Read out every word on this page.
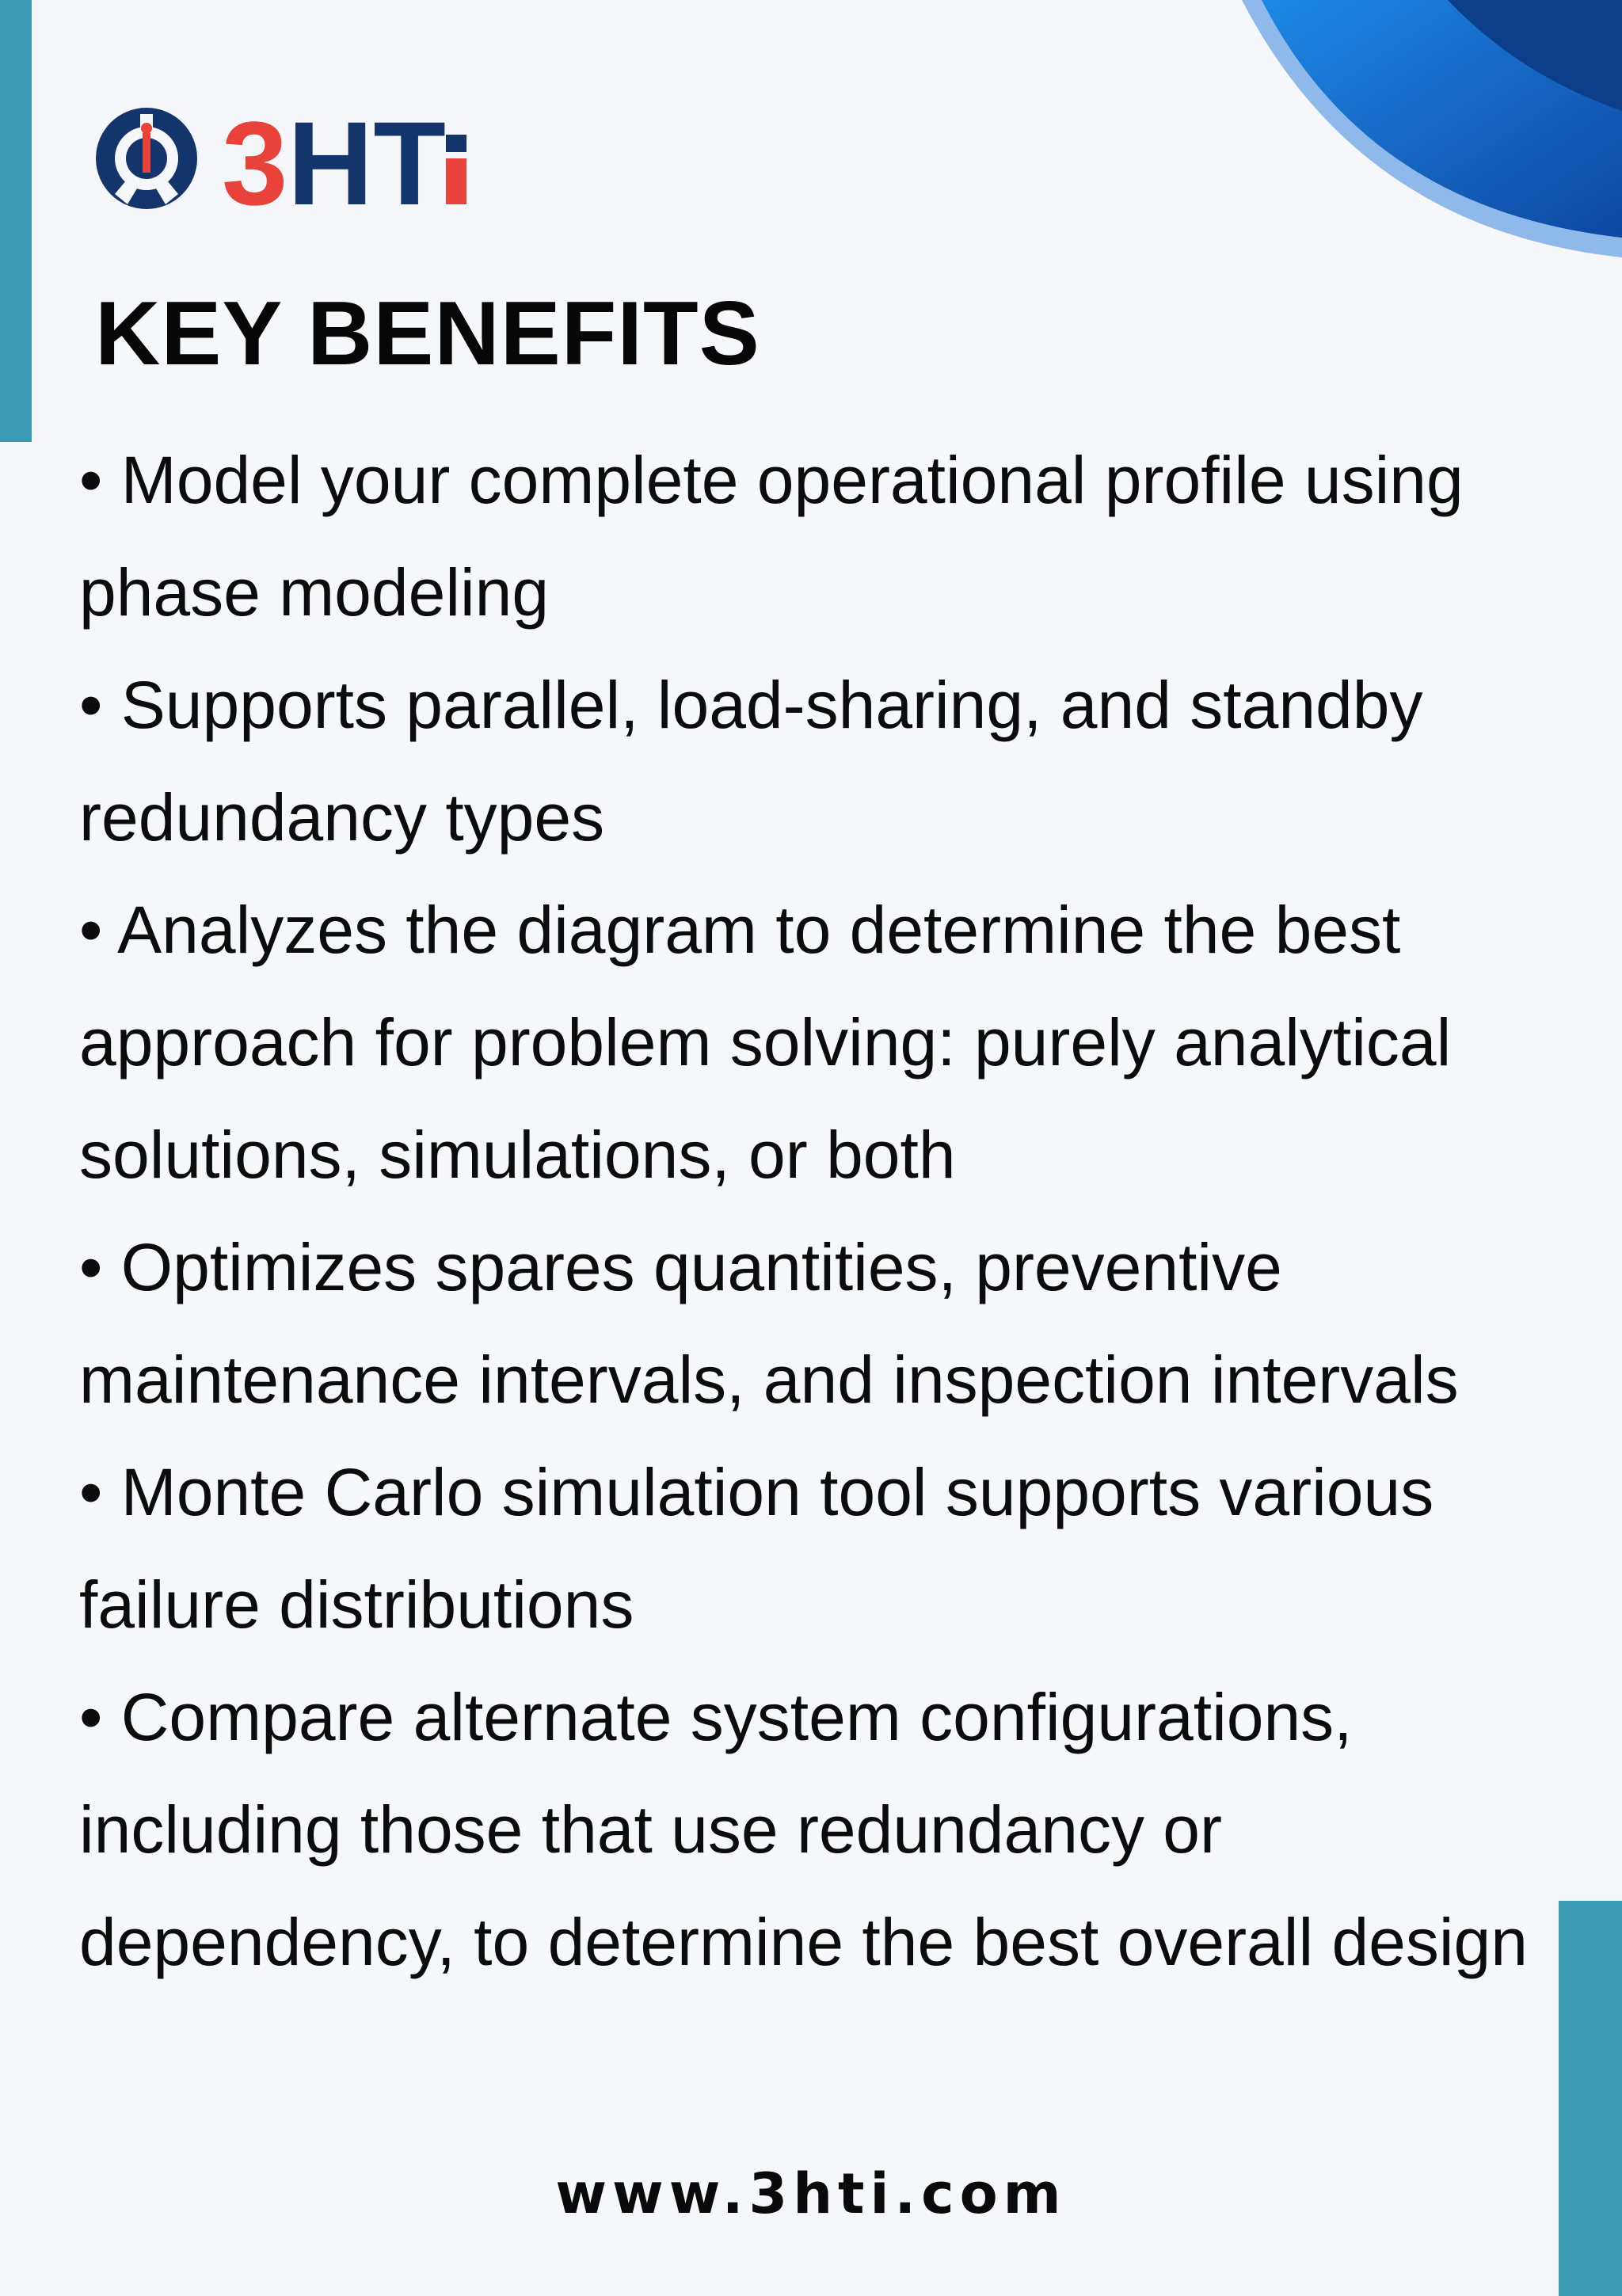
3 HT
KEY BENEFITS
• Model your complete operational profile using phase modeling
• Supports parallel, load-sharing, and standby redundancy types
• Analyzes the diagram to determine the best approach for problem solving: purely analytical solutions, simulations, or both
• Optimizes spares quantities, preventive maintenance intervals, and inspection intervals
• Monte Carlo simulation tool supports various failure distributions
• Compare alternate system configurations, including those that use redundancy or dependency, to determine the best overall design
www.3hti.com
